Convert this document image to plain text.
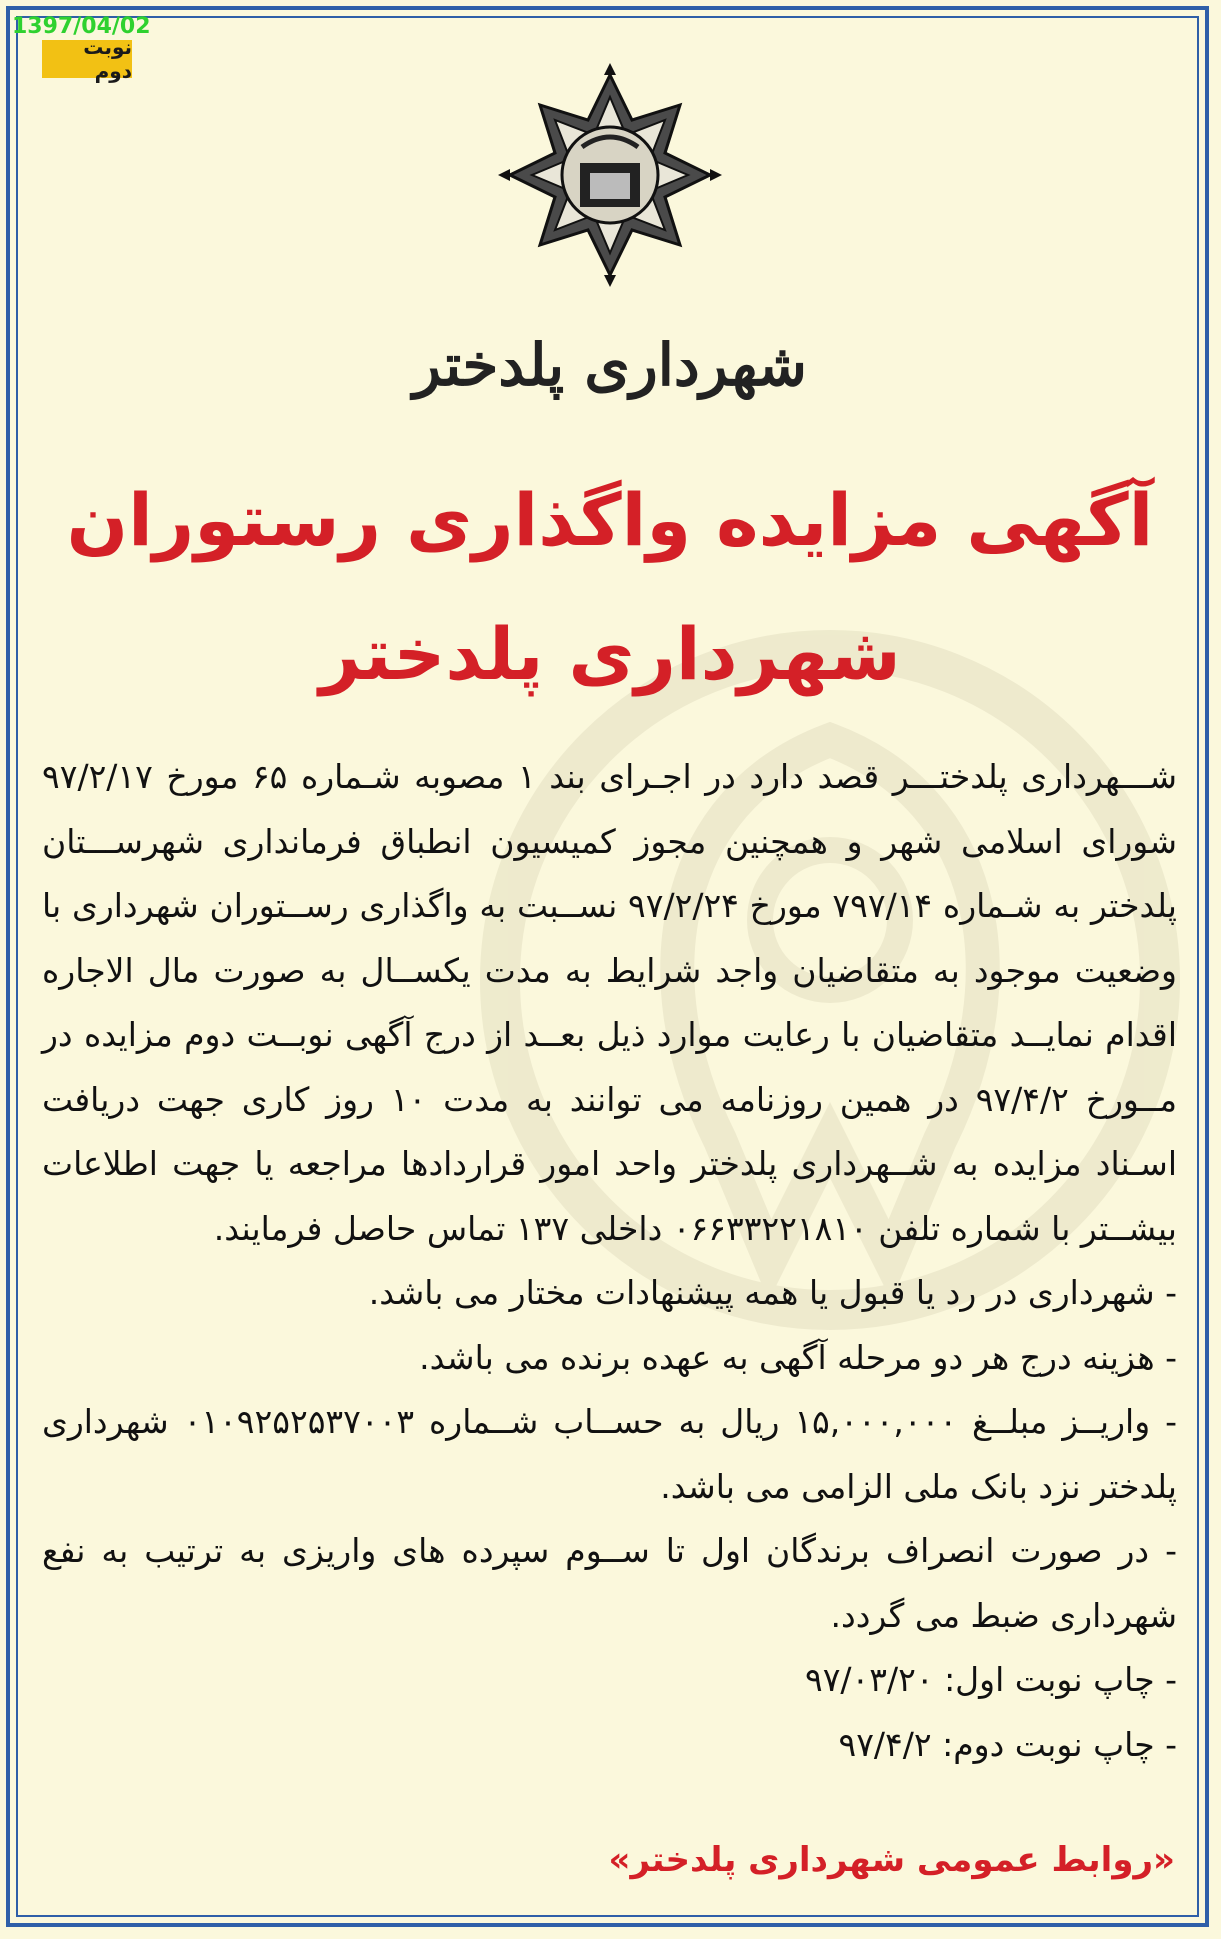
1397/04/02
نوبت دوم
شهرداری پلدختر
آگهی مزایده واگذاری رستوران
شهرداری پلدختر

شـــهرداری پلدختـــر قصد دارد در اجـرای بند ۱ مصوبه شـماره ۶۵ مورخ ۹۷/۲/۱۷ شورای اسلامی شهر و همچنین مجوز کمیسیون انطباق فرمانداری شهرســـتان پلدختر به شـماره ۷۹۷/۱۴ مورخ ۹۷/۲/۲۴ نســبت به واگذاری رســتوران شهرداری با وضعیت موجود به متقاضیان واجد شرایط به مدت یکســال به صورت مال الاجاره اقدام نمایــد متقاضیان با رعایت موارد ذیل بعــد از درج آگهی نوبــت دوم مزایده در مــورخ ۹۷/۴/۲ در همین روزنامه می توانند به مدت ۱۰ روز کاری جهت دریافت اسـناد مزایده به شــهرداری پلدختر واحد امور قراردادها مراجعه یا جهت اطلاعات بیشــتر با شماره تلفن ۰۶۶۳۳۲۲۱۸۱۰ داخلی ۱۳۷ تماس حاصل فرمایند.

- شهرداری در رد یا قبول یا همه پیشنهادات مختار می باشد.

- هزینه درج هر دو مرحله آگهی به عهده برنده می باشد.

- واریــز مبلــغ ۱۵,۰۰۰,۰۰۰ ریال به حســاب شــماره ۰۱۰۹۲۵۲۵۳۷۰۰۳ شهرداری پلدختر نزد بانک ملی الزامی می باشد.

- در صورت انصراف برندگان اول تا ســوم سپرده های واریزی به ترتیب به نفع شهرداری ضبط می گردد.

- چاپ نوبت اول: ۹۷/۰۳/۲۰

- چاپ نوبت دوم: ۹۷/۴/۲

«روابط عمومی شهرداری پلدختر»
